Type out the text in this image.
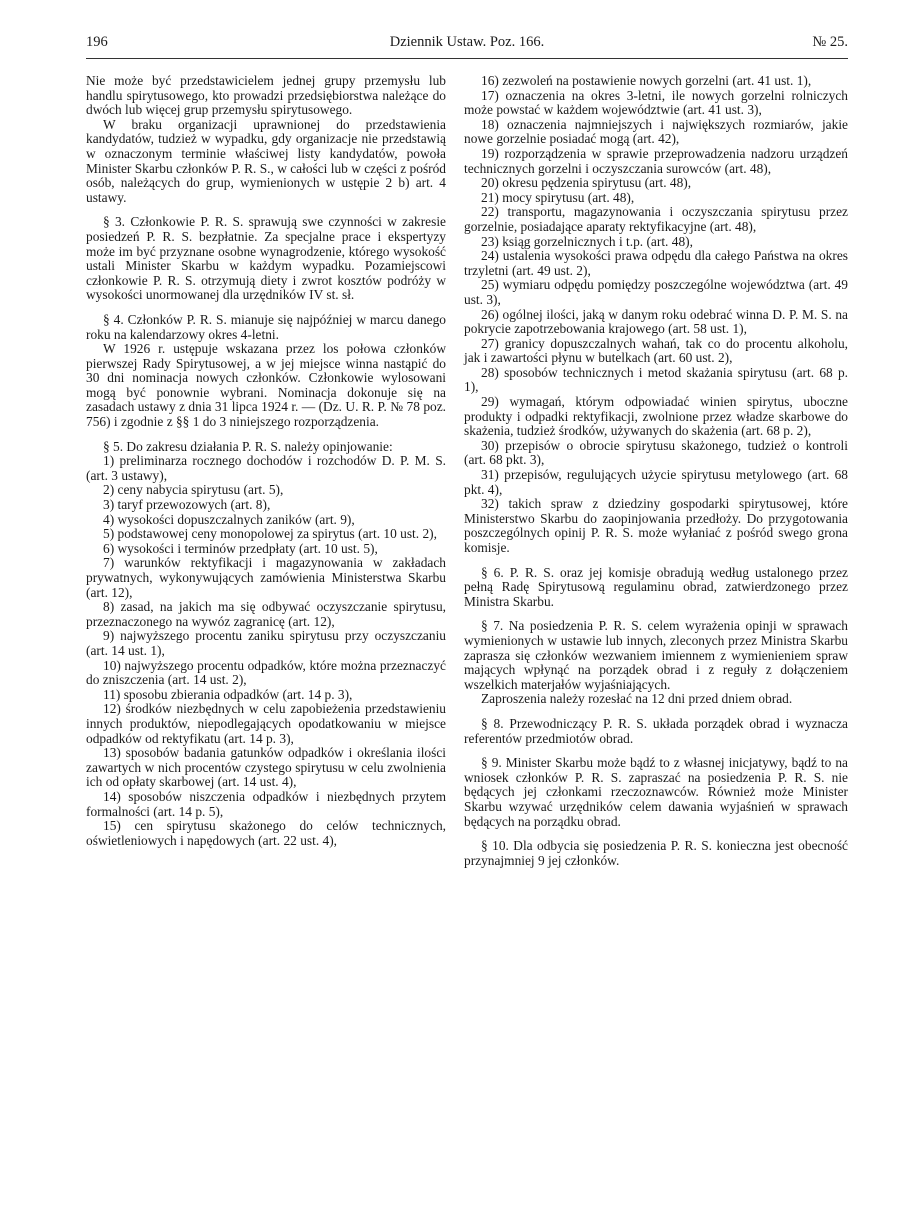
196	Dziennik Ustaw. Poz. 166.	№ 25.

Nie może być przedstawicielem jednej grupy przemysłu lub handlu spirytusowego, kto prowadzi przedsiębiorstwa należące do dwóch lub więcej grup przemysłu spirytusowego.

W braku organizacji uprawnionej do przedstawienia kandydatów, tudzież w wypadku, gdy organizacje nie przedstawią w oznaczonym terminie właściwej listy kandydatów, powoła Minister Skarbu członków P. R. S., w całości lub w części z pośród osób, należących do grup, wymienionych w ustępie 2 b) art. 4 ustawy.

§ 3. Członkowie P. R. S. sprawują swe czynności w zakresie posiedzeń P. R. S. bezpłatnie. Za specjalne prace i ekspertyzy może im być przyznane osobne wynagrodzenie, którego wysokość ustali Minister Skarbu w każdym wypadku. Pozamiejscowi członkowie P. R. S. otrzymują diety i zwrot kosztów podróży w wysokości unormowanej dla urzędników IV st. sł.

§ 4. Członków P. R. S. mianuje się najpóźniej w marcu danego roku na kalendarzowy okres 4-letni.

W 1926 r. ustępuje wskazana przez los połowa członków pierwszej Rady Spirytusowej, a w jej miejsce winna nastąpić do 30 dni nominacja nowych członków. Członkowie wylosowani mogą być ponownie wybrani. Nominacja dokonuje się na zasadach ustawy z dnia 31 lipca 1924 r. — (Dz. U. R. P. № 78 poz. 756) i zgodnie z §§ 1 do 3 niniejszego rozporządzenia.

§ 5. Do zakresu działania P. R. S. należy opinjowanie:

1) preliminarza rocznego dochodów i rozchodów D. P. M. S. (art. 3 ustawy),

2) ceny nabycia spirytusu (art. 5),

3) taryf przewozowych (art. 8),

4) wysokości dopuszczalnych zaników (art. 9),

5) podstawowej ceny monopolowej za spirytus (art. 10 ust. 2),

6) wysokości i terminów przedpłaty (art. 10 ust. 5),

7) warunków rektyfikacji i magazynowania w zakładach prywatnych, wykonywujących zamówienia Ministerstwa Skarbu (art. 12),

8) zasad, na jakich ma się odbywać oczyszczanie spirytusu, przeznaczonego na wywóz zagranicę (art. 12),

9) najwyższego procentu zaniku spirytusu przy oczyszczaniu (art. 14 ust. 1),

10) najwyższego procentu odpadków, które można przeznaczyć do zniszczenia (art. 14 ust. 2),

11) sposobu zbierania odpadków (art. 14 p. 3),

12) środków niezbędnych w celu zapobieżenia przedstawieniu innych produktów, niepodlegających opodatkowaniu w miejsce odpadków od rektyfikatu (art. 14 p. 3),

13) sposobów badania gatunków odpadków i określania ilości zawartych w nich procentów czystego spirytusu w celu zwolnienia ich od opłaty skarbowej (art. 14 ust. 4),

14) sposobów niszczenia odpadków i niezbędnych przytem formalności (art. 14 p. 5),

15) cen spirytusu skażonego do celów technicznych, oświetleniowych i napędowych (art. 22 ust. 4),

16) zezwoleń na postawienie nowych gorzelni (art. 41 ust. 1),

17) oznaczenia na okres 3-letni, ile nowych gorzelni rolniczych może powstać w każdem województwie (art. 41 ust. 3),

18) oznaczenia najmniejszych i największych rozmiarów, jakie nowe gorzelnie posiadać mogą (art. 42),

19) rozporządzenia w sprawie przeprowadzenia nadzoru urządzeń technicznych gorzelni i oczyszczania surowców (art. 48),

20) okresu pędzenia spirytusu (art. 48),

21) mocy spirytusu (art. 48),

22) transportu, magazynowania i oczyszczania spirytusu przez gorzelnie, posiadające aparaty rektyfikacyjne (art. 48),

23) ksiąg gorzelnicznych i t.p. (art. 48),

24) ustalenia wysokości prawa odpędu dla całego Państwa na okres trzyletni (art. 49 ust. 2),

25) wymiaru odpędu pomiędzy poszczególne województwa (art. 49 ust. 3),

26) ogólnej ilości, jaką w danym roku odebrać winna D. P. M. S. na pokrycie zapotrzebowania krajowego (art. 58 ust. 1),

27) granicy dopuszczalnych wahań, tak co do procentu alkoholu, jak i zawartości płynu w butelkach (art. 60 ust. 2),

28) sposobów technicznych i metod skażania spirytusu (art. 68 p. 1),

29) wymagań, którym odpowiadać winien spirytus, uboczne produkty i odpadki rektyfikacji, zwolnione przez władze skarbowe do skażenia, tudzież środków, używanych do skażenia (art. 68 p. 2),

30) przepisów o obrocie spirytusu skażonego, tudzież o kontroli (art. 68 pkt. 3),

31) przepisów, regulujących użycie spirytusu metylowego (art. 68 pkt. 4),

32) takich spraw z dziedziny gospodarki spirytusowej, które Ministerstwo Skarbu do zaopinjowania przedłoży. Do przygotowania poszczególnych opinij P. R. S. może wyłaniać z pośród swego grona komisje.

§ 6. P. R. S. oraz jej komisje obradują według ustalonego przez pełną Radę Spirytusową regulaminu obrad, zatwierdzonego przez Ministra Skarbu.

§ 7. Na posiedzenia P. R. S. celem wyrażenia opinji w sprawach wymienionych w ustawie lub innych, zleconych przez Ministra Skarbu zaprasza się członków wezwaniem imiennem z wymienieniem spraw mających wpłynąć na porządek obrad i z reguły z dołączeniem wszelkich materjałów wyjaśniających.

Zaproszenia należy rozesłać na 12 dni przed dniem obrad.

§ 8. Przewodniczący P. R. S. układa porządek obrad i wyznacza referentów przedmiotów obrad.

§ 9. Minister Skarbu może bądź to z własnej inicjatywy, bądź to na wniosek członków P. R. S. zapraszać na posiedzenia P. R. S. nie będących jej członkami rzeczoznawców. Również może Minister Skarbu wzywać urzędników celem dawania wyjaśnień w sprawach będących na porządku obrad.

§ 10. Dla odbycia się posiedzenia P. R. S. konieczna jest obecność przynajmniej 9 jej członków.
